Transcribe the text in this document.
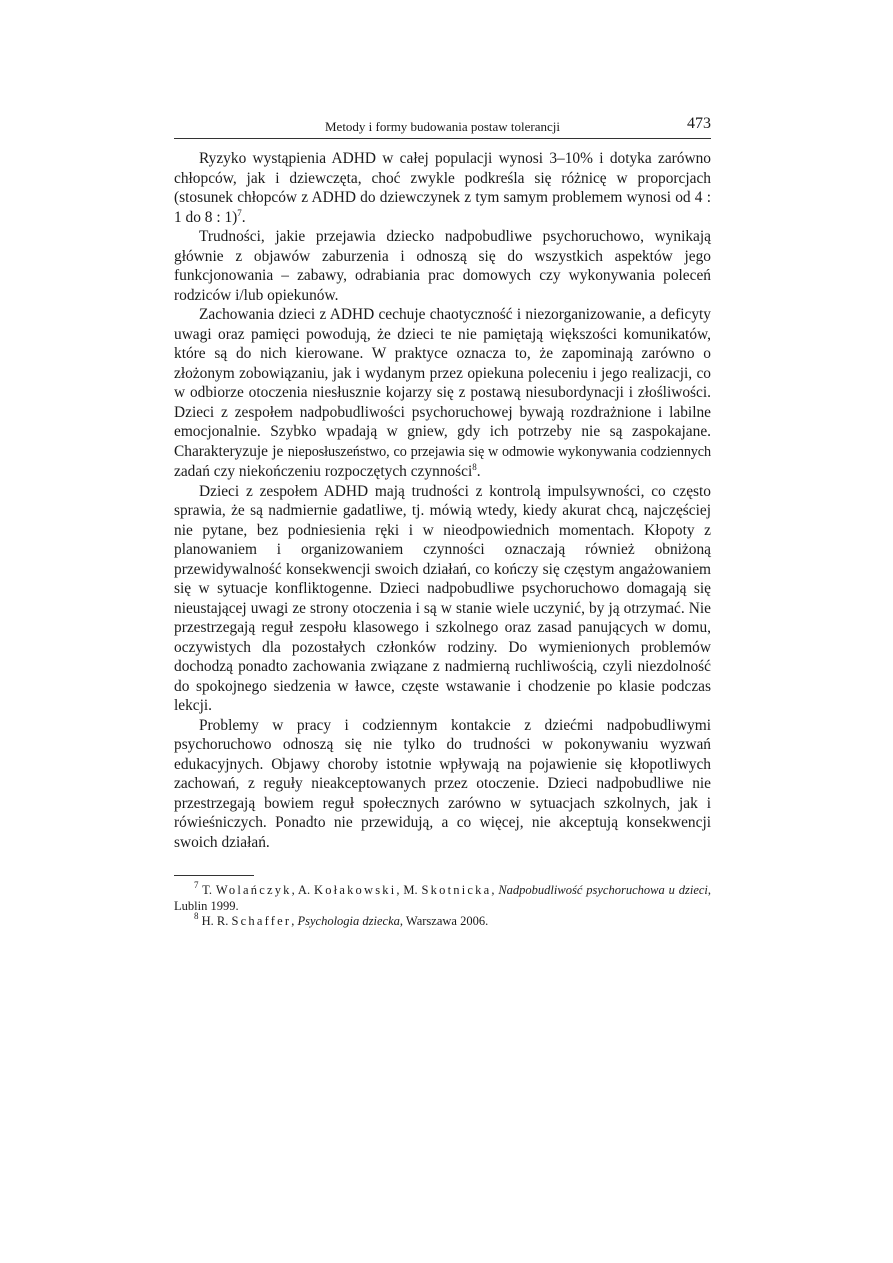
Metody i formy budowania postaw tolerancji	473

Ryzyko wystąpienia ADHD w całej populacji wynosi 3–10% i dotyka zarówno chłopców, jak i dziewczęta, choć zwykle podkreśla się różnicę w proporcjach (stosunek chłopców z ADHD do dziewczynek z tym samym problemem wynosi od 4 : 1 do 8 : 1)$^7$.

Trudności, jakie przejawia dziecko nadpobudliwe psychoruchowo, wynikają głównie z objawów zaburzenia i odnoszą się do wszystkich aspektów jego funkcjonowania – zabawy, odrabiania prac domowych czy wykonywania poleceń rodziców i/lub opiekunów.

Zachowania dzieci z ADHD cechuje chaotyczność i niezorganizowanie, a deficyty uwagi oraz pamięci powodują, że dzieci te nie pamiętają większości komunikatów, które są do nich kierowane. W praktyce oznacza to, że zapominają zarówno o złożonym zobowiązaniu, jak i wydanym przez opiekuna poleceniu i jego realizacji, co w odbiorze otoczenia niesłusznie kojarzy się z postawą niesubordynacji i złośliwości. Dzieci z zespołem nadpobudliwości psychoruchowej bywają rozdrażnione i labilne emocjonalnie. Szybko wpadają w gniew, gdy ich potrzeby nie są zaspokajane. Charakteryzuje je nieposłuszeństwo, co przejawia się w odmowie wykonywania codziennych zadań czy niekończeniu rozpoczętych czynności$^8$.

Dzieci z zespołem ADHD mają trudności z kontrolą impulsywności, co często sprawia, że są nadmiernie gadatliwe, tj. mówią wtedy, kiedy akurat chcą, najczęściej nie pytane, bez podniesienia ręki i w nieodpowiednich momentach. Kłopoty z planowaniem i organizowaniem czynności oznaczają również obniżoną przewidywalność konsekwencji swoich działań, co kończy się częstym angażowaniem się w sytuacje konfliktogenne. Dzieci nadpobudliwe psychoruchowo domagają się nieustającej uwagi ze strony otoczenia i są w stanie wiele uczynić, by ją otrzymać. Nie przestrzegają reguł zespołu klasowego i szkolnego oraz zasad panujących w domu, oczywistych dla pozostałych członków rodziny. Do wymienionych problemów dochodzą ponadto zachowania związane z nadmierną ruchliwością, czyli niezdolność do spokojnego siedzenia w ławce, częste wstawanie i chodzenie po klasie podczas lekcji.

Problemy w pracy i codziennym kontakcie z dziećmi nadpobudliwymi psychoruchowo odnoszą się nie tylko do trudności w pokonywaniu wyzwań edukacyjnych. Objawy choroby istotnie wpływają na pojawienie się kłopotliwych zachowań, z reguły nieakceptowanych przez otoczenie. Dzieci nadpobudliwe nie przestrzegają bowiem reguł społecznych zarówno w sytuacjach szkolnych, jak i rówieśniczych. Ponadto nie przewidują, a co więcej, nie akceptują konsekwencji swoich działań.

$^7$ T. Wolańczyk, A. Kołakowski, M. Skotnicka, Nadpobudliwość psychoruchowa u dzieci, Lublin 1999.

$^8$ H. R. Schaffer, Psychologia dziecka, Warszawa 2006.
